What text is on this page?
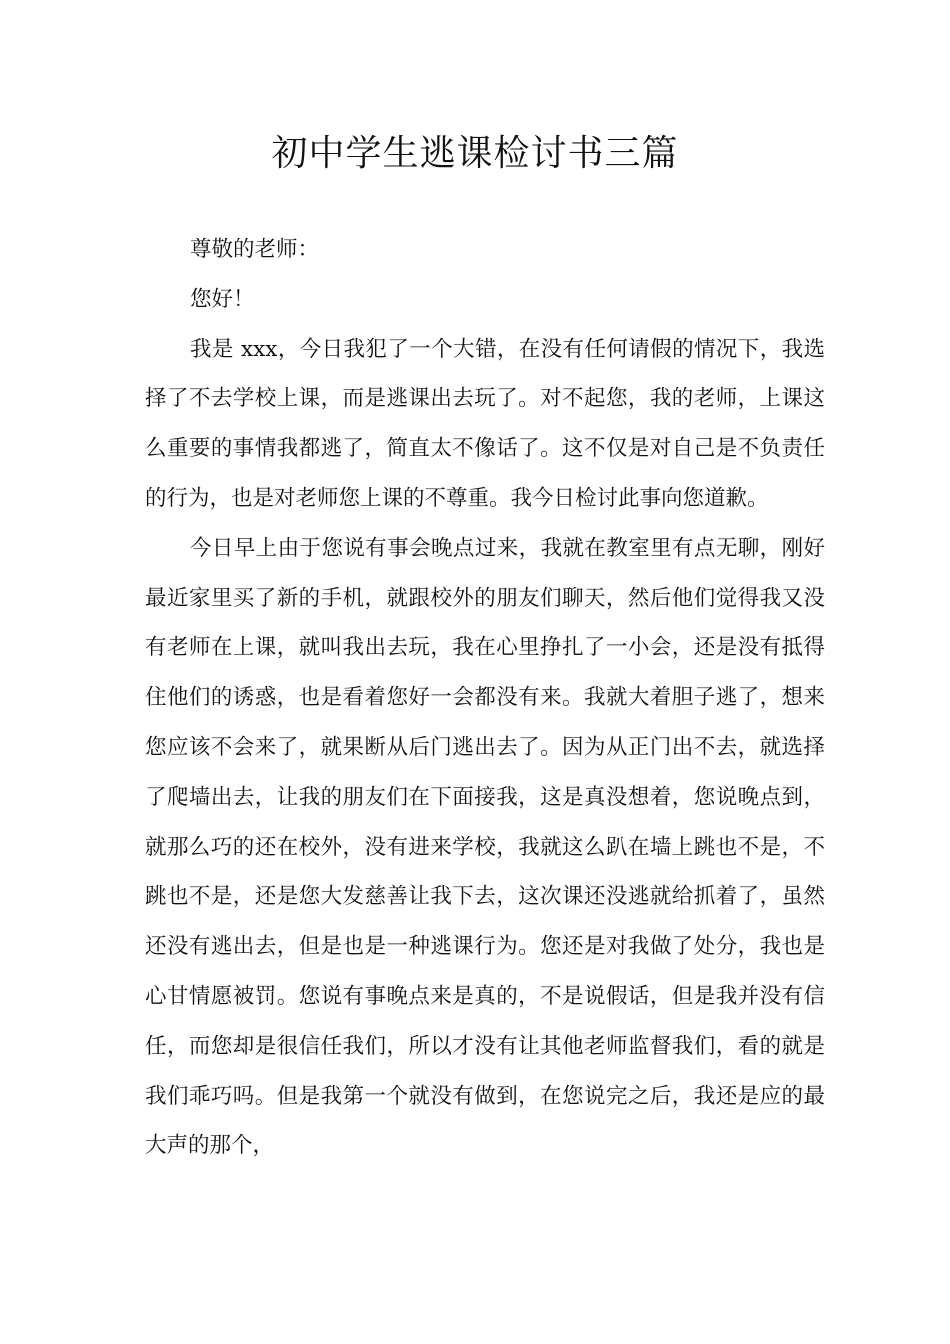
初中学生逃课检讨书三篇

尊敬的老师：

您好！

我是 xxx，今日我犯了一个大错，在没有任何请假的情况下，我选择了不去学校上课，而是逃课出去玩了。对不起您，我的老师，上课这么重要的事情我都逃了，简直太不像话了。这不仅是对自己是不负责任的行为，也是对老师您上课的不尊重。我今日检讨此事向您道歉。

今日早上由于您说有事会晚点过来，我就在教室里有点无聊，刚好最近家里买了新的手机，就跟校外的朋友们聊天，然后他们觉得我又没有老师在上课，就叫我出去玩，我在心里挣扎了一小会，还是没有抵得住他们的诱惑，也是看着您好一会都没有来。我就大着胆子逃了，想来您应该不会来了，就果断从后门逃出去了。因为从正门出不去，就选择了爬墙出去，让我的朋友们在下面接我，这是真没想着，您说晚点到，就那么巧的还在校外，没有进来学校，我就这么趴在墙上跳也不是，不跳也不是，还是您大发慈善让我下去，这次课还没逃就给抓着了，虽然还没有逃出去，但是也是一种逃课行为。您还是对我做了处分，我也是心甘情愿被罚。您说有事晚点来是真的，不是说假话，但是我并没有信任，而您却是很信任我们，所以才没有让其他老师监督我们，看的就是我们乖巧吗。但是我第一个就没有做到，在您说完之后，我还是应的最大声的那个，
